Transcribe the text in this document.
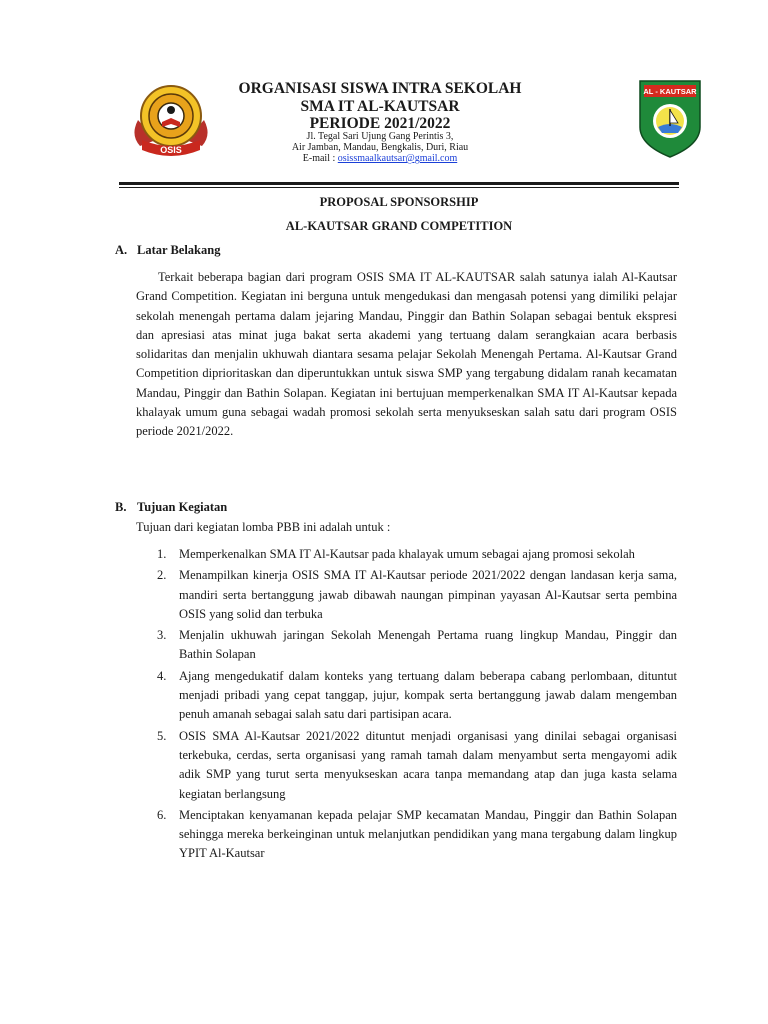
OSIS
ORGANISASI SISWA INTRA SEKOLAH
SMA IT AL-KAUTSAR
PERIODE 2021/2022
Jl. Tegal Sari Ujung Gang Perintis 3,
Air Jamban, Mandau, Bengkalis, Duri, Riau
E-mail : osissmaalkautsar@gmail.com
AL - KAUTSAR
PROPOSAL SPONSORSHIP
AL-KAUTSAR GRAND COMPETITION
A. Latar Belakang

Terkait beberapa bagian dari program OSIS SMA IT AL-KAUTSAR salah satunya ialah Al-Kautsar Grand Competition. Kegiatan ini berguna untuk mengedukasi dan mengasah potensi yang dimiliki pelajar sekolah menengah pertama dalam jejaring Mandau, Pinggir dan Bathin Solapan sebagai bentuk ekspresi dan apresiasi atas minat juga bakat serta akademi yang tertuang dalam serangkaian acara berbasis solidaritas dan menjalin ukhuwah diantara sesama pelajar Sekolah Menengah Pertama. Al-Kautsar Grand Competition diprioritaskan dan diperuntukkan untuk siswa SMP yang tergabung didalam ranah kecamatan Mandau, Pinggir dan Bathin Solapan. Kegiatan ini bertujuan memperkenalkan SMA IT Al-Kautsar kepada khalayak umum guna sebagai wadah promosi sekolah serta menyukseskan salah satu dari program OSIS periode 2021/2022.

B. Tujuan Kegiatan

Tujuan dari kegiatan lomba PBB ini adalah untuk :

1. Memperkenalkan SMA IT Al-Kautsar pada khalayak umum sebagai ajang promosi sekolah
2. Menampilkan kinerja OSIS SMA IT Al-Kautsar periode 2021/2022 dengan landasan kerja sama, mandiri serta bertanggung jawab dibawah naungan pimpinan yayasan Al-Kautsar serta pembina OSIS yang solid dan terbuka
3. Menjalin ukhuwah jaringan Sekolah Menengah Pertama ruang lingkup Mandau, Pinggir dan Bathin Solapan
4. Ajang mengedukatif dalam konteks yang tertuang dalam beberapa cabang perlombaan, dituntut menjadi pribadi yang cepat tanggap, jujur, kompak serta bertanggung jawab dalam mengemban penuh amanah sebagai salah satu dari partisipan acara.
5. OSIS SMA Al-Kautsar 2021/2022 dituntut menjadi organisasi yang dinilai sebagai organisasi terkebuka, cerdas, serta organisasi yang ramah tamah dalam menyambut serta mengayomi adik adik SMP yang turut serta menyukseskan acara tanpa memandang atap dan juga kasta selama kegiatan berlangsung
6. Menciptakan kenyamanan kepada pelajar SMP kecamatan Mandau, Pinggir dan Bathin Solapan sehingga mereka berkeinginan untuk melanjutkan pendidikan yang mana tergabung dalam lingkup YPIT Al-Kautsar
